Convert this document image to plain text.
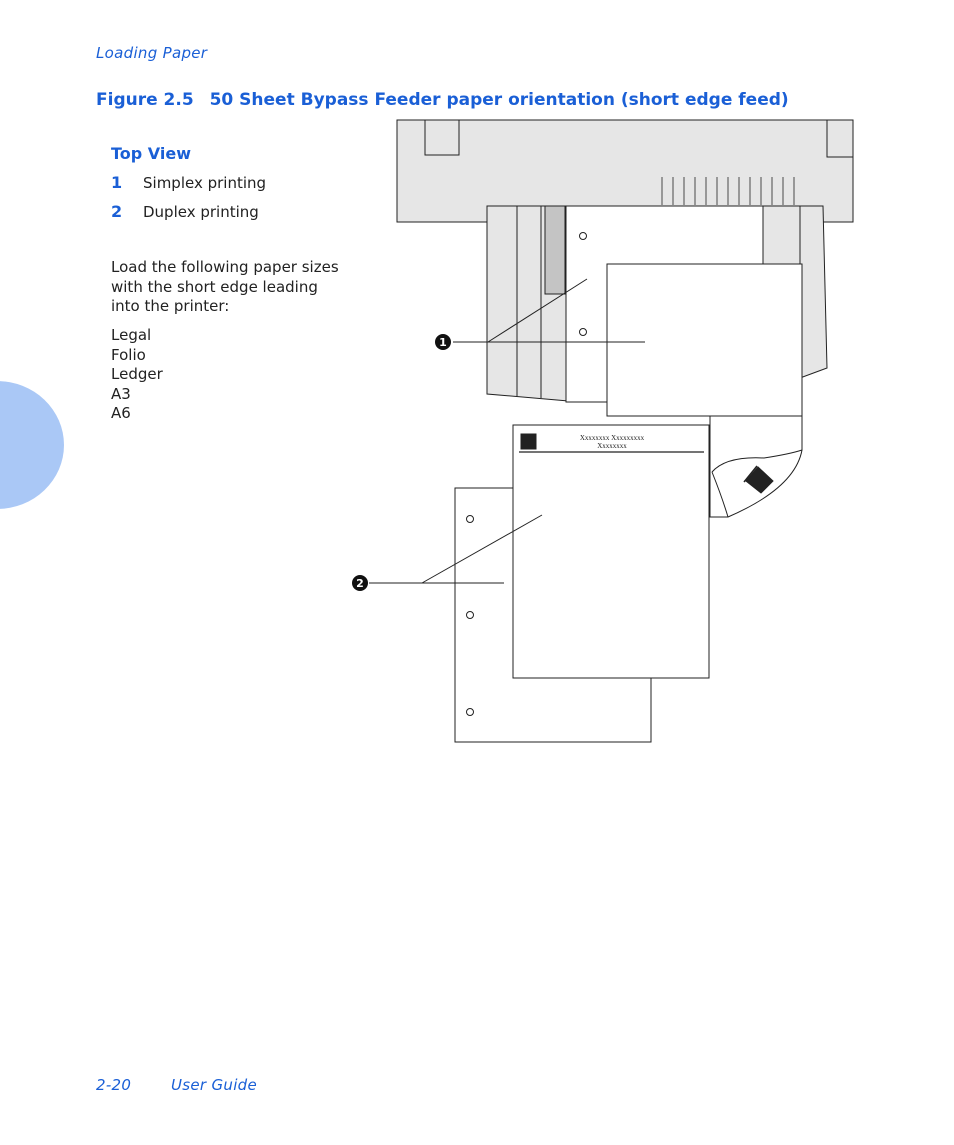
Loading Paper
Figure 2.5 50 Sheet Bypass Feeder paper orientation (short edge feed)
Top View
1 Simplex printing
2 Duplex printing
Load the following paper sizes with the short edge leading into the printer:
Legal
Folio
Ledger
A3
A6
Xxxxxxxx Xxxxxxxxx
Xxxxxxxx
1
2
2-20	User Guide
